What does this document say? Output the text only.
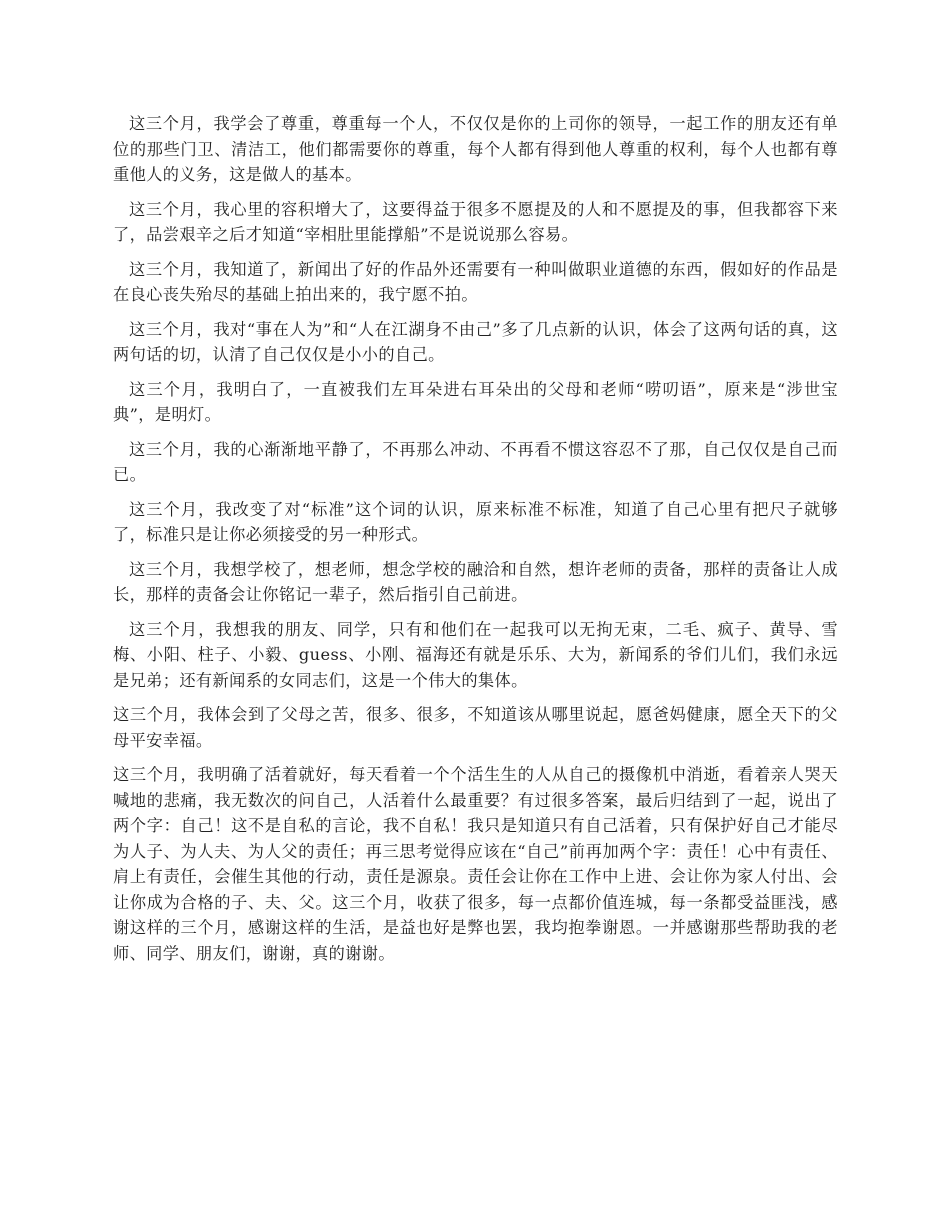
这三个月，我学会了尊重，尊重每一个人，不仅仅是你的上司你的领导，一起工作的朋友还有单位的那些门卫、清洁工，他们都需要你的尊重，每个人都有得到他人尊重的权利，每个人也都有尊重他人的义务，这是做人的基本。

这三个月，我心里的容积增大了，这要得益于很多不愿提及的人和不愿提及的事，但我都容下来了，品尝艰辛之后才知道“宰相肚里能撑船”不是说说那么容易。

这三个月，我知道了，新闻出了好的作品外还需要有一种叫做职业道德的东西，假如好的作品是在良心丧失殆尽的基础上拍出来的，我宁愿不拍。

这三个月，我对“事在人为”和“人在江湖身不由己”多了几点新的认识，体会了这两句话的真，这两句话的切，认清了自己仅仅是小小的自己。

这三个月，我明白了，一直被我们左耳朵进右耳朵出的父母和老师“唠叨语”，原来是“涉世宝典”，是明灯。

这三个月，我的心渐渐地平静了，不再那么冲动、不再看不惯这容忍不了那，自己仅仅是自己而已。

这三个月，我改变了对“标准”这个词的认识，原来标准不标准，知道了自己心里有把尺子就够了，标准只是让你必须接受的另一种形式。

这三个月，我想学校了，想老师，想念学校的融洽和自然，想许老师的责备，那样的责备让人成长，那样的责备会让你铭记一辈子，然后指引自己前进。

这三个月，我想我的朋友、同学，只有和他们在一起我可以无拘无束，二毛、疯子、黄导、雪梅、小阳、柱子、小毅、guess、小刚、福海还有就是乐乐、大为，新闻系的爷们儿们，我们永远是兄弟；还有新闻系的女同志们，这是一个伟大的集体。

这三个月，我体会到了父母之苦，很多、很多，不知道该从哪里说起，愿爸妈健康，愿全天下的父母平安幸福。

这三个月，我明确了活着就好，每天看着一个个活生生的人从自己的摄像机中消逝，看着亲人哭天喊地的悲痛，我无数次的问自己，人活着什么最重要？有过很多答案，最后归结到了一起，说出了两个字：自己！这不是自私的言论，我不自私！我只是知道只有自己活着，只有保护好自己才能尽为人子、为人夫、为人父的责任；再三思考觉得应该在“自己”前再加两个字：责任！心中有责任、肩上有责任，会催生其他的行动，责任是源泉。责任会让你在工作中上进、会让你为家人付出、会让你成为合格的子、夫、父。这三个月，收获了很多，每一点都价值连城，每一条都受益匪浅，感谢这样的三个月，感谢这样的生活，是益也好是弊也罢，我均抱拳谢恩。一并感谢那些帮助我的老师、同学、朋友们，谢谢，真的谢谢。
